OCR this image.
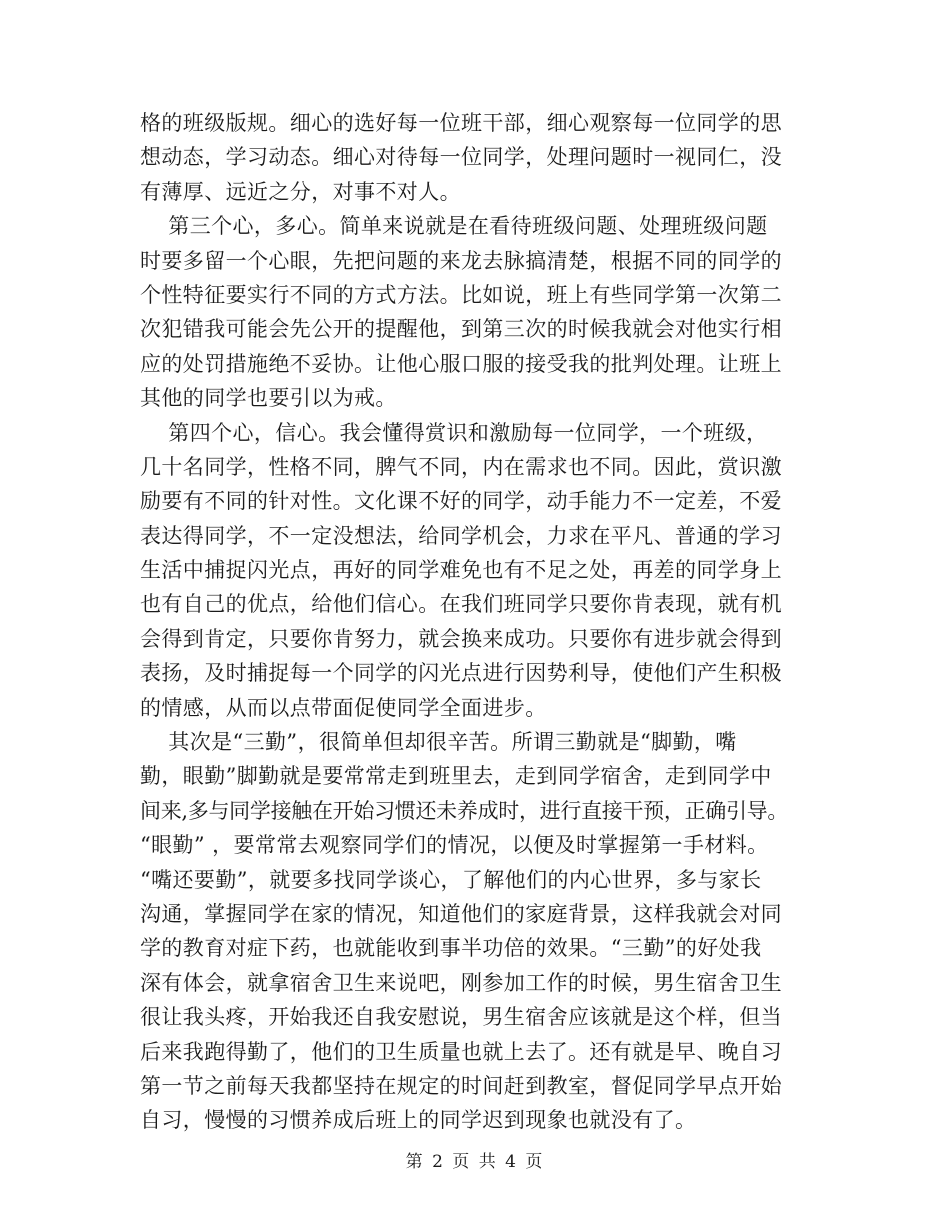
格的班级版规。细心的选好每一位班干部，细心观察每一位同学的思
想动态，学习动态。细心对待每一位同学，处理问题时一视同仁，没
有薄厚、远近之分，对事不对人。
第三个心，多心。简单来说就是在看待班级问题、处理班级问题
时要多留一个心眼，先把问题的来龙去脉搞清楚，根据不同的同学的
个性特征要实行不同的方式方法。比如说，班上有些同学第一次第二
次犯错我可能会先公开的提醒他，到第三次的时候我就会对他实行相
应的处罚措施绝不妥协。让他心服口服的接受我的批判处理。让班上
其他的同学也要引以为戒。
第四个心，信心。我会懂得赏识和激励每一位同学，一个班级，
几十名同学，性格不同，脾气不同，内在需求也不同。因此，赏识激
励要有不同的针对性。文化课不好的同学，动手能力不一定差，不爱
表达得同学，不一定没想法，给同学机会，力求在平凡、普通的学习
生活中捕捉闪光点，再好的同学难免也有不足之处，再差的同学身上
也有自己的优点，给他们信心。在我们班同学只要你肯表现，就有机
会得到肯定，只要你肯努力，就会换来成功。只要你有进步就会得到
表扬，及时捕捉每一个同学的闪光点进行因势利导，使他们产生积极
的情感，从而以点带面促使同学全面进步。
其次是“三勤”，很简单但却很辛苦。所谓三勤就是“脚勤，嘴
勤，眼勤”脚勤就是要常常走到班里去，走到同学宿舍，走到同学中
间来,多与同学接触在开始习惯还未养成时，进行直接干预，正确引导。
“眼勤” ，要常常去观察同学们的情况，以便及时掌握第一手材料。
“嘴还要勤”，就要多找同学谈心，了解他们的内心世界，多与家长
沟通，掌握同学在家的情况，知道他们的家庭背景，这样我就会对同
学的教育对症下药，也就能收到事半功倍的效果。“三勤”的好处我
深有体会，就拿宿舍卫生来说吧，刚参加工作的时候，男生宿舍卫生
很让我头疼，开始我还自我安慰说，男生宿舍应该就是这个样，但当
后来我跑得勤了，他们的卫生质量也就上去了。还有就是早、晚自习
第一节之前每天我都坚持在规定的时间赶到教室，督促同学早点开始
自习，慢慢的习惯养成后班上的同学迟到现象也就没有了。
第 2 页 共 4 页
